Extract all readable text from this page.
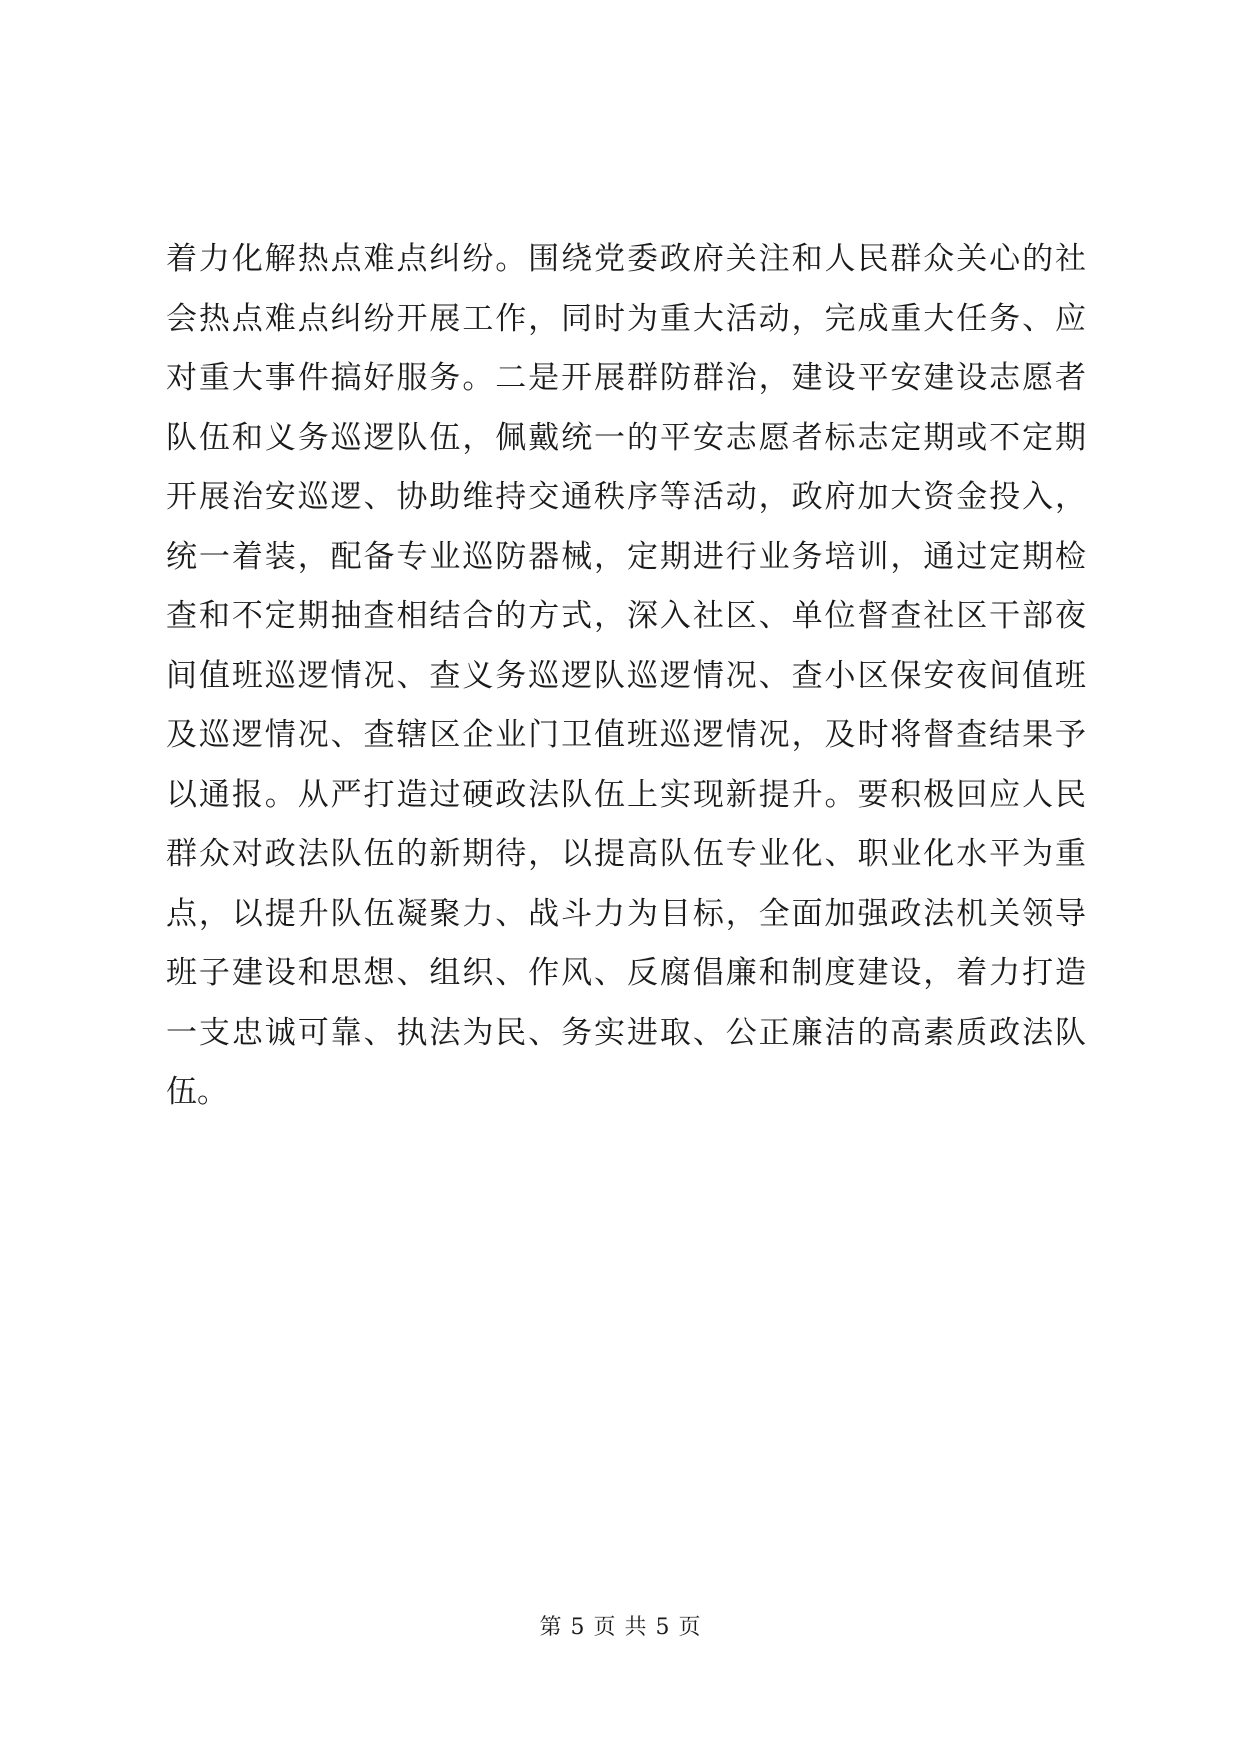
着力化解热点难点纠纷。围绕党委政府关注和人民群众关心的社
会热点难点纠纷开展工作，同时为重大活动，完成重大任务、应
对重大事件搞好服务。二是开展群防群治，建设平安建设志愿者
队伍和义务巡逻队伍，佩戴统一的平安志愿者标志定期或不定期
开展治安巡逻、协助维持交通秩序等活动，政府加大资金投入，
统一着装，配备专业巡防器械，定期进行业务培训，通过定期检
查和不定期抽查相结合的方式，深入社区、单位督查社区干部夜
间值班巡逻情况、查义务巡逻队巡逻情况、查小区保安夜间值班
及巡逻情况、查辖区企业门卫值班巡逻情况，及时将督查结果予
以通报。从严打造过硬政法队伍上实现新提升。要积极回应人民
群众对政法队伍的新期待，以提高队伍专业化、职业化水平为重
点，以提升队伍凝聚力、战斗力为目标，全面加强政法机关领导
班子建设和思想、组织、作风、反腐倡廉和制度建设，着力打造
一支忠诚可靠、执法为民、务实进取、公正廉洁的高素质政法队
伍。
第 5 页 共 5 页
